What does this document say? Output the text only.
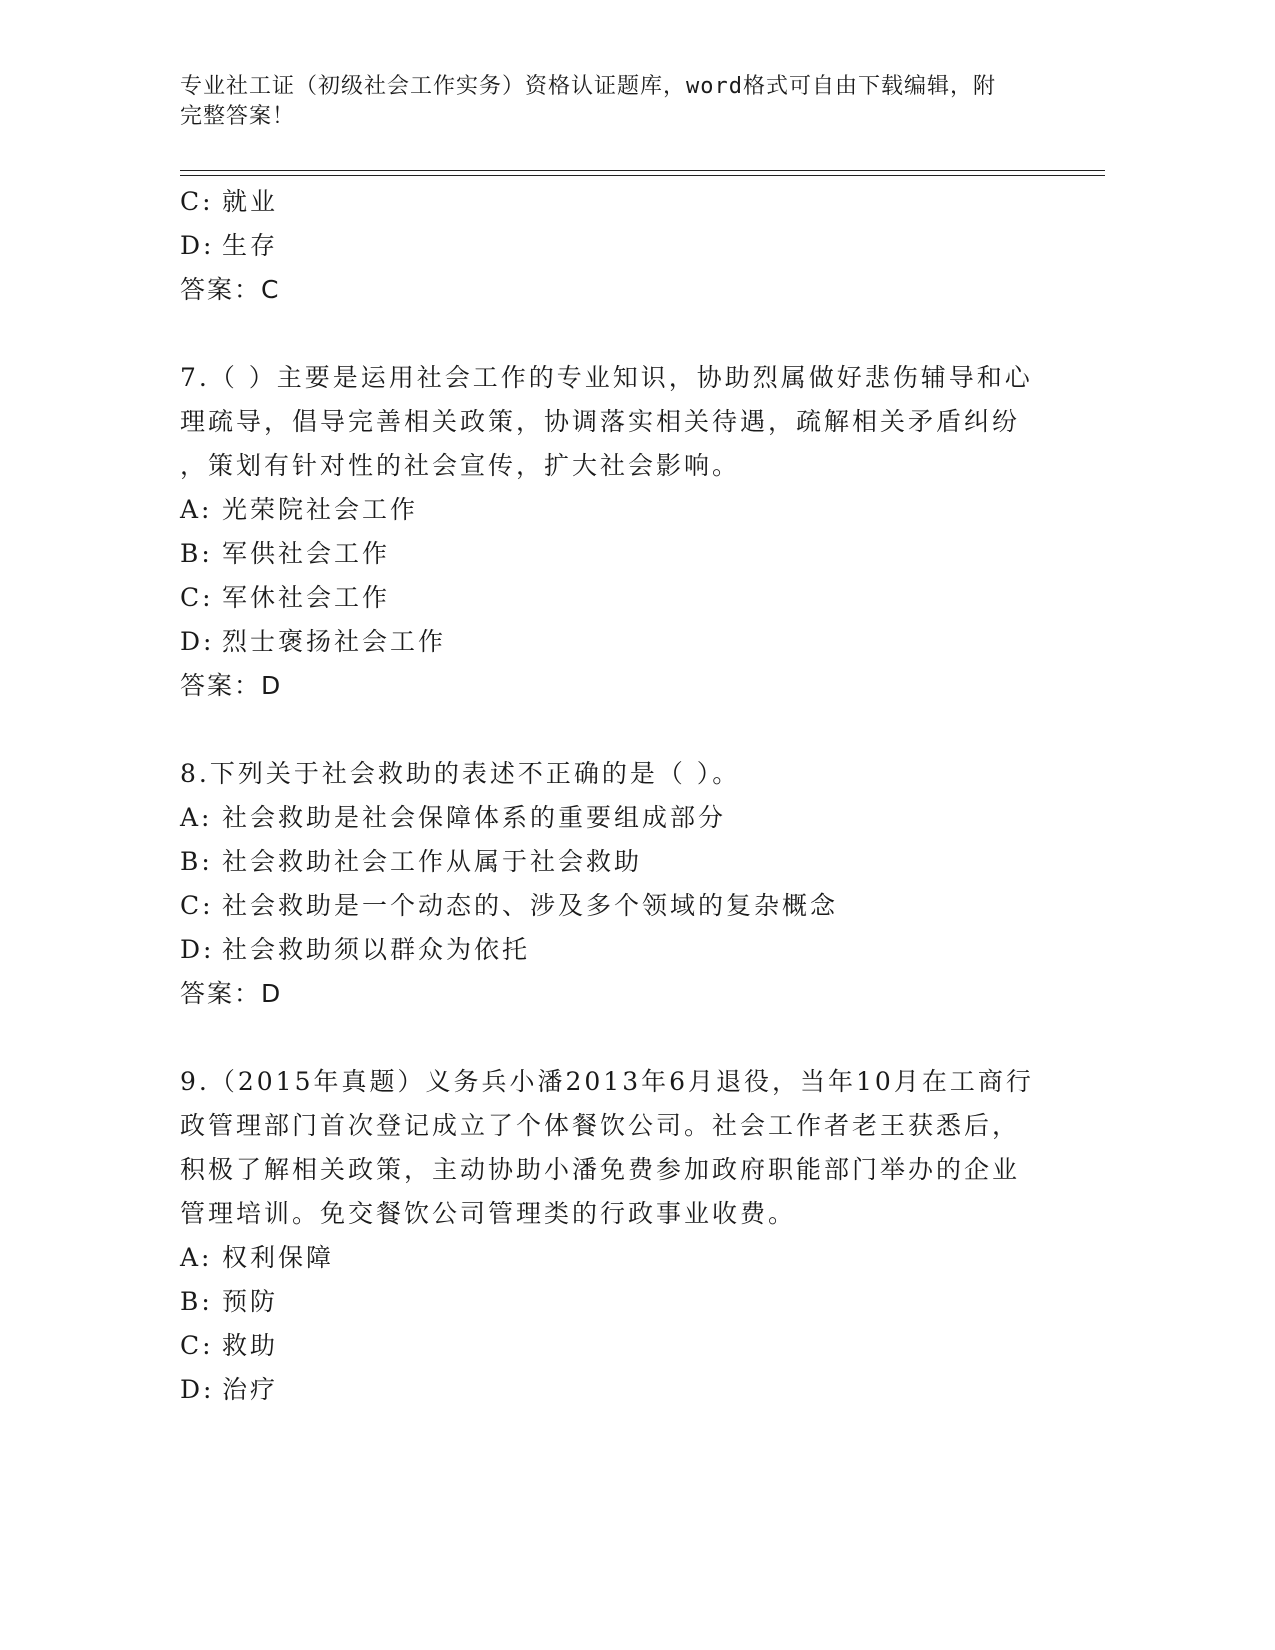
专业社工证（初级社会工作实务）资格认证题库，word格式可自由下载编辑，附
完整答案！
C: 就业
D: 生存
答案：C
7.（ ）主要是运用社会工作的专业知识，协助烈属做好悲伤辅导和心
理疏导，倡导完善相关政策，协调落实相关待遇，疏解相关矛盾纠纷
，策划有针对性的社会宣传，扩大社会影响。
A: 光荣院社会工作
B: 军供社会工作
C: 军休社会工作
D: 烈士褒扬社会工作
答案：D
8.下列关于社会救助的表述不正确的是（ ）。
A: 社会救助是社会保障体系的重要组成部分
B: 社会救助社会工作从属于社会救助
C: 社会救助是一个动态的、涉及多个领域的复杂概念
D: 社会救助须以群众为依托
答案：D
9.（2015年真题）义务兵小潘2013年6月退役，当年10月在工商行
政管理部门首次登记成立了个体餐饮公司。社会工作者老王获悉后，
积极了解相关政策，主动协助小潘免费参加政府职能部门举办的企业
管理培训。免交餐饮公司管理类的行政事业收费。
A: 权利保障
B: 预防
C: 救助
D: 治疗
